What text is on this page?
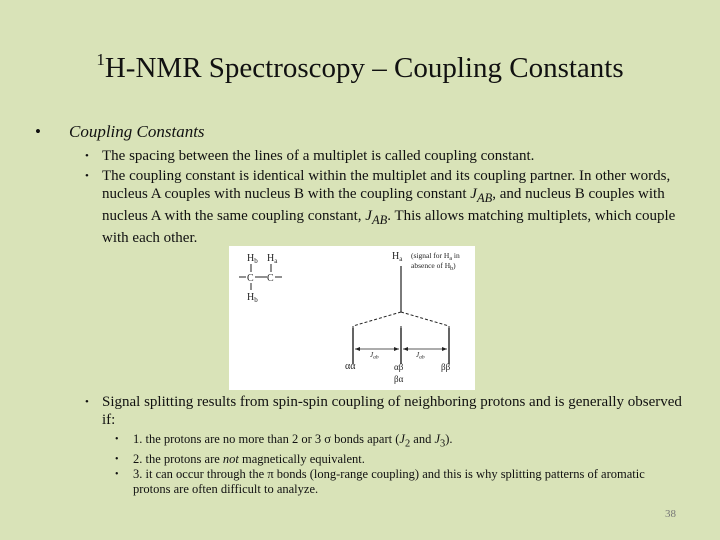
$^1$H-NMR Spectroscopy – Coupling Constants
• Coupling Constants
• The spacing between the lines of a multiplet is called coupling constant.
• The coupling constant is identical within the multiplet and its coupling partner. In other words, nucleus A couples with nucleus B with the coupling constant $J_{AB}$, and nucleus B couples with nucleus A with the same coupling constant, $J_{AB}$. This allows matching multiplets, which couple with each other.
$H_b$ $H_a$
C C
$H_b$
$H_a$ (signal for $H_a$ in
absence of $H_b$)
$J_{ab}$	$J_{ab}$
αα	αβ
βα
ββ
• Signal splitting results from spin-spin coupling of neighboring protons and is generally observed if:
• 1. the protons are no more than 2 or 3 σ bonds apart ($J_2$ and $J_3$).
• 2. the protons are not magnetically equivalent.
• 3. it can occur through the π bonds (long-range coupling) and this is why splitting patterns of aromatic protons are often difficult to analyze.
38
